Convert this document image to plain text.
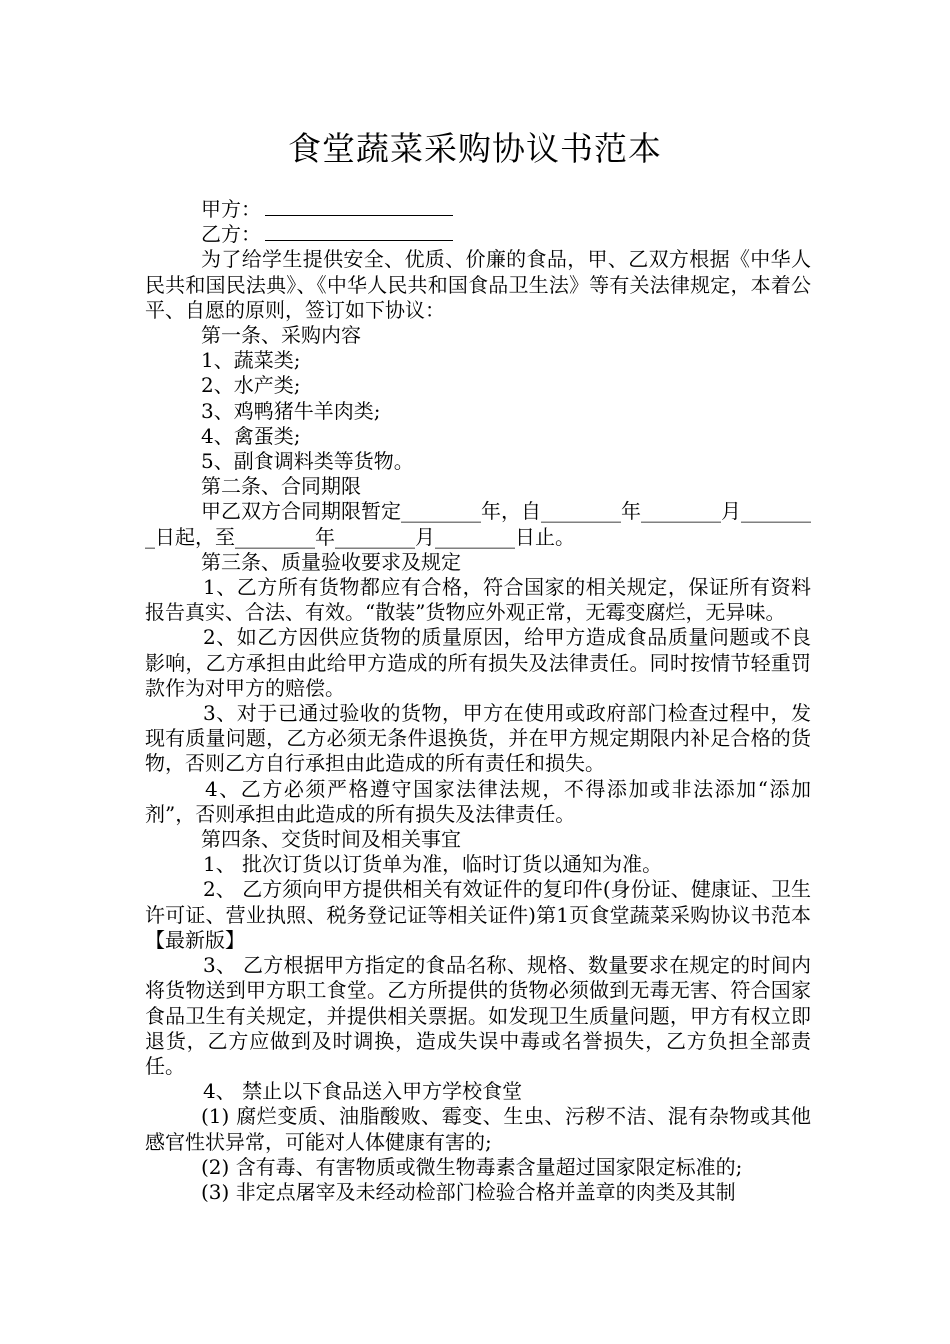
食堂蔬菜采购协议书范本

甲方：

乙方：

为了给学生提供安全、优质、价廉的食品，甲、乙双方根据《中华人民共和国民法典》、《中华人民共和国食品卫生法》等有关法律规定，本着公平、自愿的原则，签订如下协议：

第一条、采购内容

1、蔬菜类;

2、水产类;

3、鸡鸭猪牛羊肉类;

4、禽蛋类;

5、副食调料类等货物。

第二条、合同期限

甲乙双方合同期限暂定________年，自________年________月________日起，至________年________月________日止。

第三条、质量验收要求及规定

1、乙方所有货物都应有合格，符合国家的相关规定，保证所有资料报告真实、合法、有效。“散装”货物应外观正常，无霉变腐烂，无异味。

2、如乙方因供应货物的质量原因，给甲方造成食品质量问题或不良影响，乙方承担由此给甲方造成的所有损失及法律责任。同时按情节轻重罚款作为对甲方的赔偿。

3、对于已通过验收的货物，甲方在使用或政府部门检查过程中，发现有质量问题，乙方必须无条件退换货，并在甲方规定期限内补足合格的货物，否则乙方自行承担由此造成的所有责任和损失。

4、乙方必须严格遵守国家法律法规，不得添加或非法添加“添加剂”，否则承担由此造成的所有损失及法律责任。

第四条、交货时间及相关事宜

1、 批次订货以订货单为准，临时订货以通知为准。

2、 乙方须向甲方提供相关有效证件的复印件(身份证、健康证、卫生许可证、营业执照、税务登记证等相关证件)第1页食堂蔬菜采购协议书范本【最新版】

3、 乙方根据甲方指定的食品名称、规格、数量要求在规定的时间内将货物送到甲方职工食堂。乙方所提供的货物必须做到无毒无害、符合国家食品卫生有关规定，并提供相关票据。如发现卫生质量问题，甲方有权立即退货，乙方应做到及时调换，造成失误中毒或名誉损失，乙方负担全部责任。

4、 禁止以下食品送入甲方学校食堂

(1) 腐烂变质、油脂酸败、霉变、生虫、污秽不洁、混有杂物或其他感官性状异常，可能对人体健康有害的;

(2) 含有毒、有害物质或微生物毒素含量超过国家限定标准的;

(3) 非定点屠宰及未经动检部门检验合格并盖章的肉类及其制
